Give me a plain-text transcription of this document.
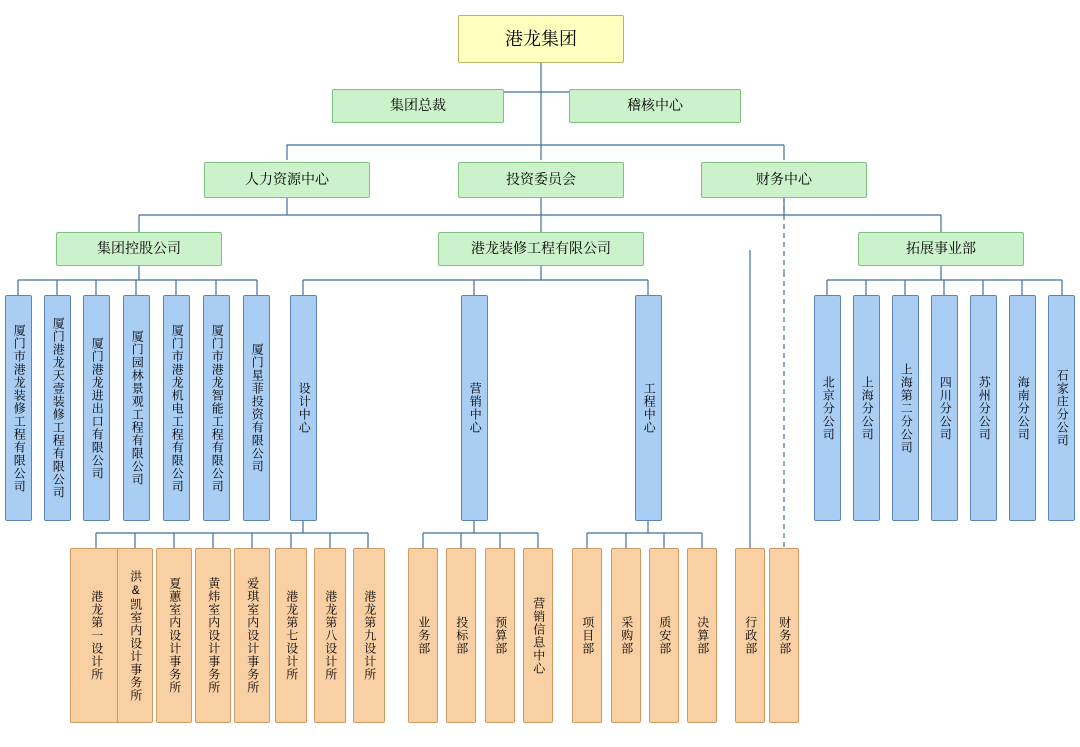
港龙集团
集团总裁	稽核中心
人力资源中心	投资委员会	财务中心
集团控股公司	港龙装修工程有限公司	拓展事业部
厦门市港龙装修工程有限公司 厦门港龙天壹装修工程有限公司 厦门港龙进出口有限公司 厦门园林景观工程有限公司 厦门市港龙机电工程有限公司 厦门市港龙智能工程有限公司 厦门星菲投资有限公司	设计中心	营销中心	工程中心	北京分公司 上海分公司 上海第二分公司 四川分公司 苏州分公司 海南分公司 石家庄分公司
港龙第一设计所 洪&凯室内设计事务所 夏蕙室内设计事务所 黄炜室内设计事务所 爱琪室内设计事务所 港龙第七设计所 港龙第八设计所 港龙第九设计所	业务部 投标部 预算部 营销信息中心	项目部 采购部 质安部 决算部	行政部 财务部
